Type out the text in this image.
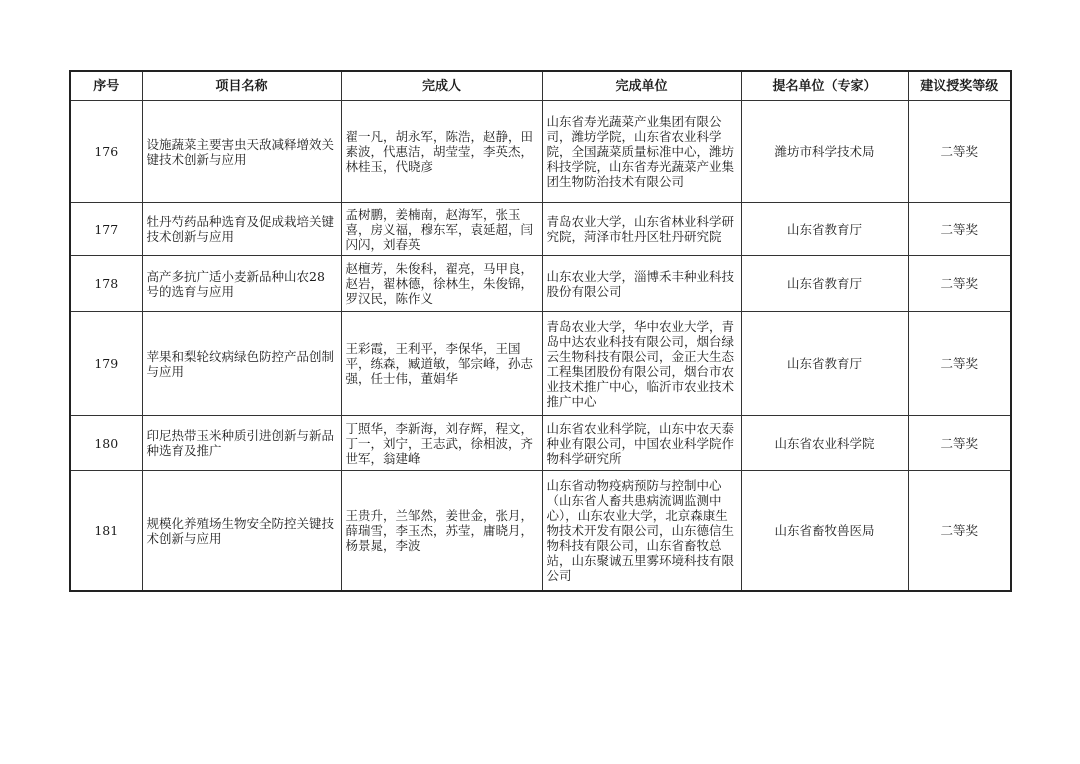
序号	项目名称	完成人	完成单位	提名单位（专家）	建议授奖等级
176	设施蔬菜主要害虫天敌减释增效关键技术创新与应用	翟一凡，胡永军，陈浩，赵静，田素波，代惠洁，胡莹莹，李英杰，林桂玉，代晓彦	山东省寿光蔬菜产业集团有限公司，潍坊学院，山东省农业科学院，全国蔬菜质量标准中心，潍坊科技学院，山东省寿光蔬菜产业集团生物防治技术有限公司	潍坊市科学技术局	二等奖
177	牡丹芍药品种选育及促成栽培关键技术创新与应用	孟树鹏，姜楠南，赵海军，张玉喜，房义福，穆东军，袁延超，闫闪闪，刘春英	青岛农业大学，山东省林业科学研究院，菏泽市牡丹区牡丹研究院	山东省教育厅	二等奖
178	高产多抗广适小麦新品种山农28号的选育与应用	赵檀芳，朱俊科，翟亮，马甲良，赵岩，翟林德，徐林生，朱俊锦，罗汉民，陈作义	山东农业大学，淄博禾丰种业科技股份有限公司	山东省教育厅	二等奖
179	苹果和梨轮纹病绿色防控产品创制与应用	王彩霞，王利平，李保华，王国平，练森，臧道敏，邹宗峰，孙志强，任士伟，董娟华	青岛农业大学，华中农业大学，青岛中达农业科技有限公司，烟台绿云生物科技有限公司，金正大生态工程集团股份有限公司，烟台市农业技术推广中心，临沂市农业技术推广中心	山东省教育厅	二等奖
180	印尼热带玉米种质引进创新与新品种选育及推广	丁照华，李新海，刘存辉，程文，丁一，刘宁，王志武，徐相波，齐世军，翁建峰	山东省农业科学院，山东中农天泰种业有限公司，中国农业科学院作物科学研究所	山东省农业科学院	二等奖
181	规模化养殖场生物安全防控关键技术创新与应用	王贵升，兰邹然，姜世金，张月，薛瑞雪，李玉杰，苏莹，庸晓月，杨景晁，李波	山东省动物疫病预防与控制中心（山东省人畜共患病流调监测中心），山东农业大学，北京森康生物技术开发有限公司，山东德信生物科技有限公司，山东省畜牧总站，山东聚诚五里雾环境科技有限公司	山东省畜牧兽医局	二等奖
